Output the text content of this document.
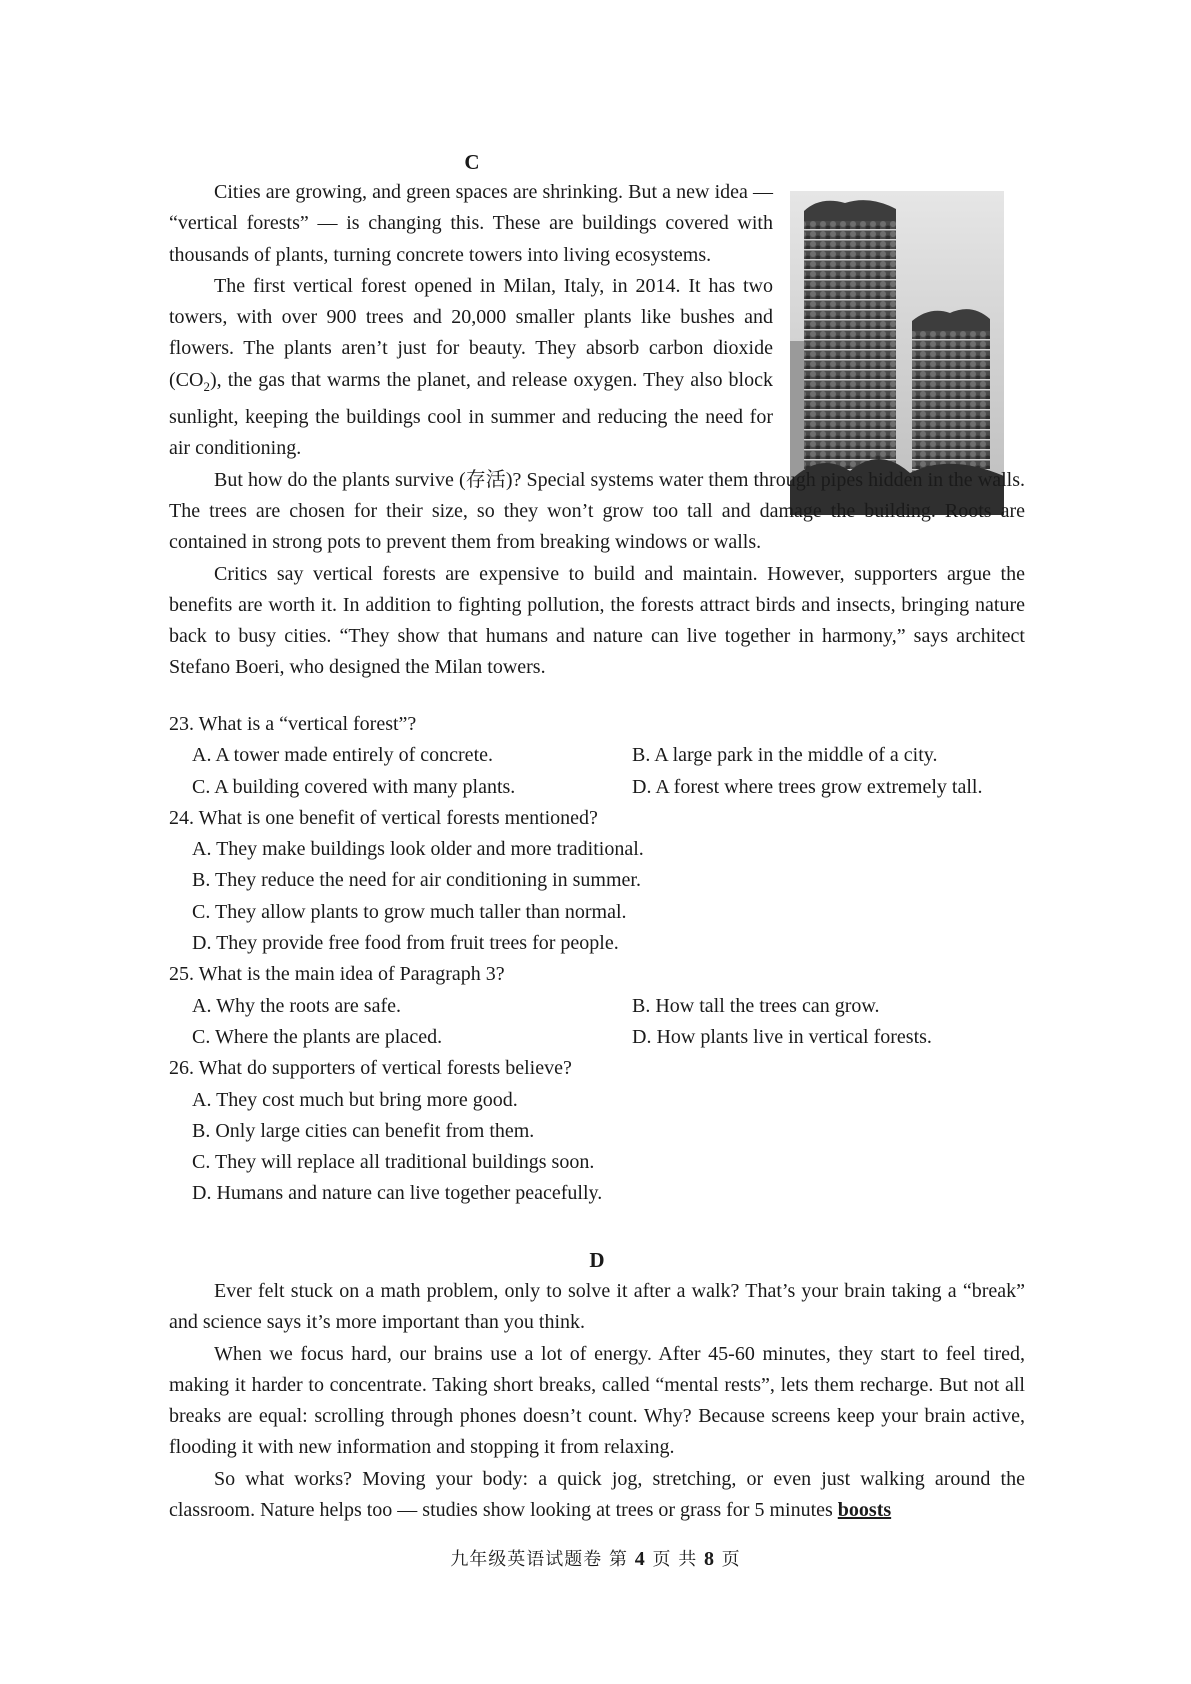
C

Cities are growing, and green spaces are shrinking. But a new idea — “vertical forests” — is changing this. These are buildings covered with thousands of plants, turning concrete towers into living ecosystems.

The first vertical forest opened in Milan, Italy, in 2014. It has two towers, with over 900 trees and 20,000 smaller plants like bushes and flowers. The plants aren’t just for beauty. They absorb carbon dioxide $(CO_2)$, the gas that warms the planet, and release oxygen. They also block sunlight, keeping the buildings cool in summer and reducing the need for air conditioning.

But how do the plants survive (存活)? Special systems water them through pipes hidden in the walls. The trees are chosen for their size, so they won’t grow too tall and damage the building. Roots are contained in strong pots to prevent them from breaking windows or walls.

Critics say vertical forests are expensive to build and maintain. However, supporters argue the benefits are worth it. In addition to fighting pollution, the forests attract birds and insects, bringing nature back to busy cities. “They show that humans and nature can live together in harmony,” says architect Stefano Boeri, who designed the Milan towers.

23. What is a “vertical forest”?

A. A tower made entirely of concrete.	B. A large park in the middle of a city.
C. A building covered with many plants.	D. A forest where trees grow extremely tall.

24. What is one benefit of vertical forests mentioned?

A. They make buildings look older and more traditional.

B. They reduce the need for air conditioning in summer.

C. They allow plants to grow much taller than normal.

D. They provide free food from fruit trees for people.

25. What is the main idea of Paragraph 3?

A. Why the roots are safe.	B. How tall the trees can grow.
C. Where the plants are placed.	D. How plants live in vertical forests.

26. What do supporters of vertical forests believe?

A. They cost much but bring more good.

B. Only large cities can benefit from them.

C. They will replace all traditional buildings soon.

D. Humans and nature can live together peacefully.

D

Ever felt stuck on a math problem, only to solve it after a walk? That’s your brain taking a “break” and science says it’s more important than you think.

When we focus hard, our brains use a lot of energy. After 45-60 minutes, they start to feel tired, making it harder to concentrate. Taking short breaks, called “mental rests”, lets them recharge. But not all breaks are equal: scrolling through phones doesn’t count. Why? Because screens keep your brain active, flooding it with new information and stopping it from relaxing.

So what works? Moving your body: a quick jog, stretching, or even just walking around the classroom. Nature helps too — studies show looking at trees or grass for 5 minutes boosts

九年级英语试题卷 第 4 页 共 8 页
